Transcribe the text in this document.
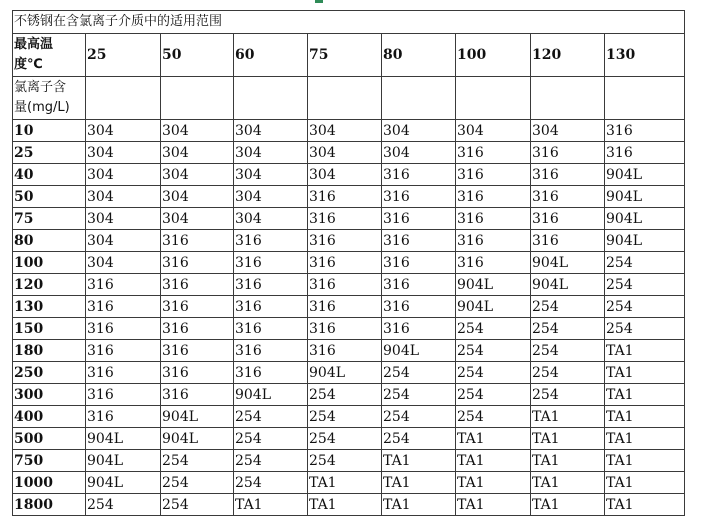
不锈钢在含氯离子介质中的适用范围								

最高温
度℃	25	50	60	75	80	100	120	130

氯离子含
量(mg/L)								

10	304	304	304	304	304	304	304	316
25	304	304	304	304	304	316	316	316
40	304	304	304	304	316	316	316	904L
50	304	304	304	316	316	316	316	904L
75	304	304	304	316	316	316	316	904L
80	304	316	316	316	316	316	316	904L
100	304	316	316	316	316	316	904L	254
120	316	316	316	316	316	904L	904L	254
130	316	316	316	316	316	904L	254	254
150	316	316	316	316	316	254	254	254
180	316	316	316	316	904L	254	254	TA1
250	316	316	316	904L	254	254	254	TA1
300	316	316	904L	254	254	254	254	TA1
400	316	904L	254	254	254	254	TA1	TA1
500	904L	904L	254	254	254	TA1	TA1	TA1
750	904L	254	254	254	TA1	TA1	TA1	TA1
1000	904L	254	254	TA1	TA1	TA1	TA1	TA1
1800	254	254	TA1	TA1	TA1	TA1	TA1	TA1
